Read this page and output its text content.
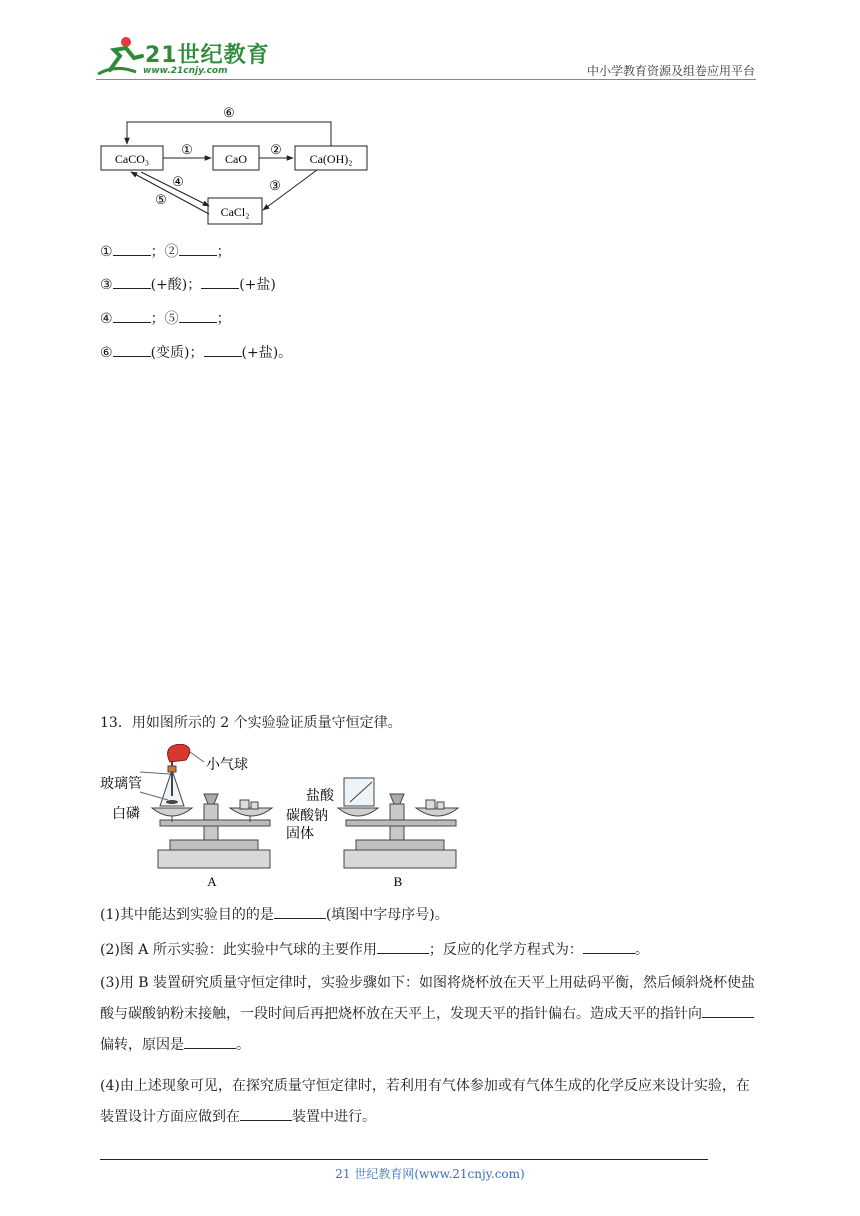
21世纪教育
www.21cnjy.com	中小学教育资源及组卷应用平台
CaCO₃	CaO	Ca(OH)₂
CaCl₂
①	②
③
④
⑤
⑥
①	；②	；
③	(+酸)；	(+盐)
④	；⑤	；
⑥	(变质)；	(+盐)。
13．用如图所示的 2 个实验验证质量守恒定律。
小气球
玻璃管
白磷
A
盐酸
碳酸钠
固体
B
(1)其中能达到实验目的的是	(填图中字母序号)。
(2)图 A 所示实验：此实验中气球的主要作用	；反应的化学方程式为：	。
(3)用 B 装置研究质量守恒定律时，实验步骤如下：如图将烧杯放在天平上用砝码平衡，然后倾斜烧杯使盐酸与碳酸钠粉末接触，一段时间后再把烧杯放在天平上，发现天平的指针偏右。造成天平的指针向偏转，原因是	。
(4)由上述现象可见，在探究质量守恒定律时，若利用有气体参加或有气体生成的化学反应来设计实验，在装置设计方面应做到在	装置中进行。
21 世纪教育网(www.21cnjy.com)
